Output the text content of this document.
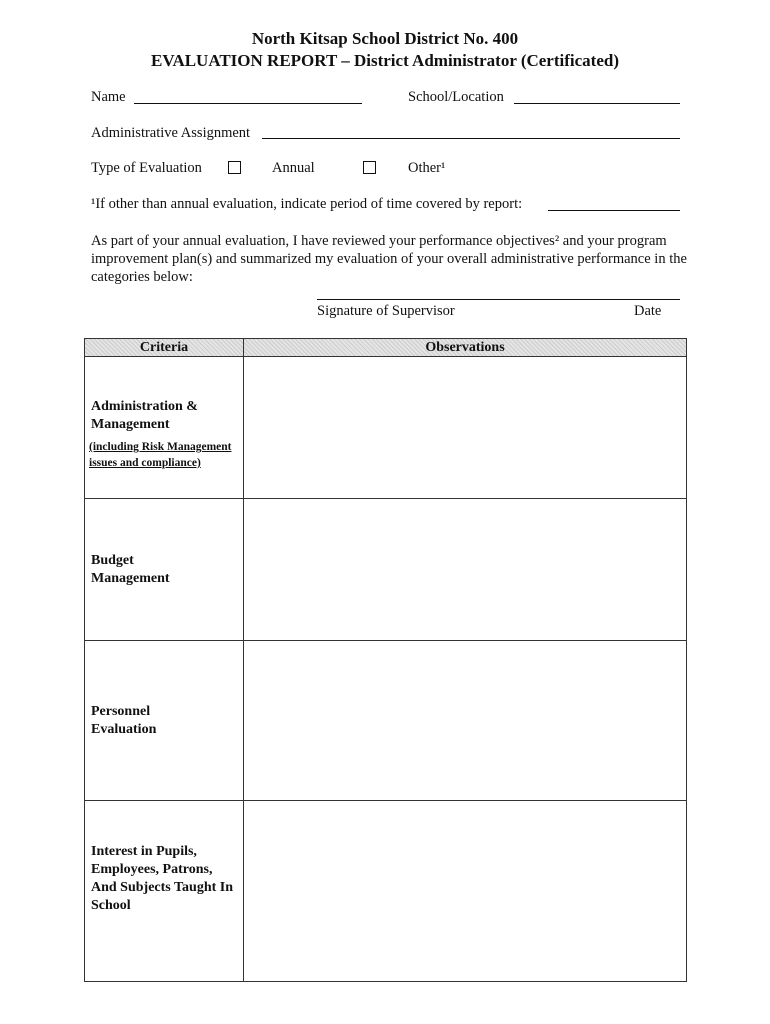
North Kitsap School District No. 400
EVALUATION REPORT – District Administrator (Certificated)
Name	School/Location
Administrative Assignment
Type of Evaluation	Annual	Other¹
¹If other than annual evaluation, indicate period of time covered by report:
As part of your annual evaluation, I have reviewed your performance objectives² and your program improvement plan(s) and summarized my evaluation of your overall administrative performance in the categories below:
Signature of Supervisor	Date
Criteria	Observations

Administration & Management
(including Risk Management issues and compliance)	

Budget Management	

Personnel Evaluation	

Interest in Pupils, Employees, Patrons, And Subjects Taught In School	
